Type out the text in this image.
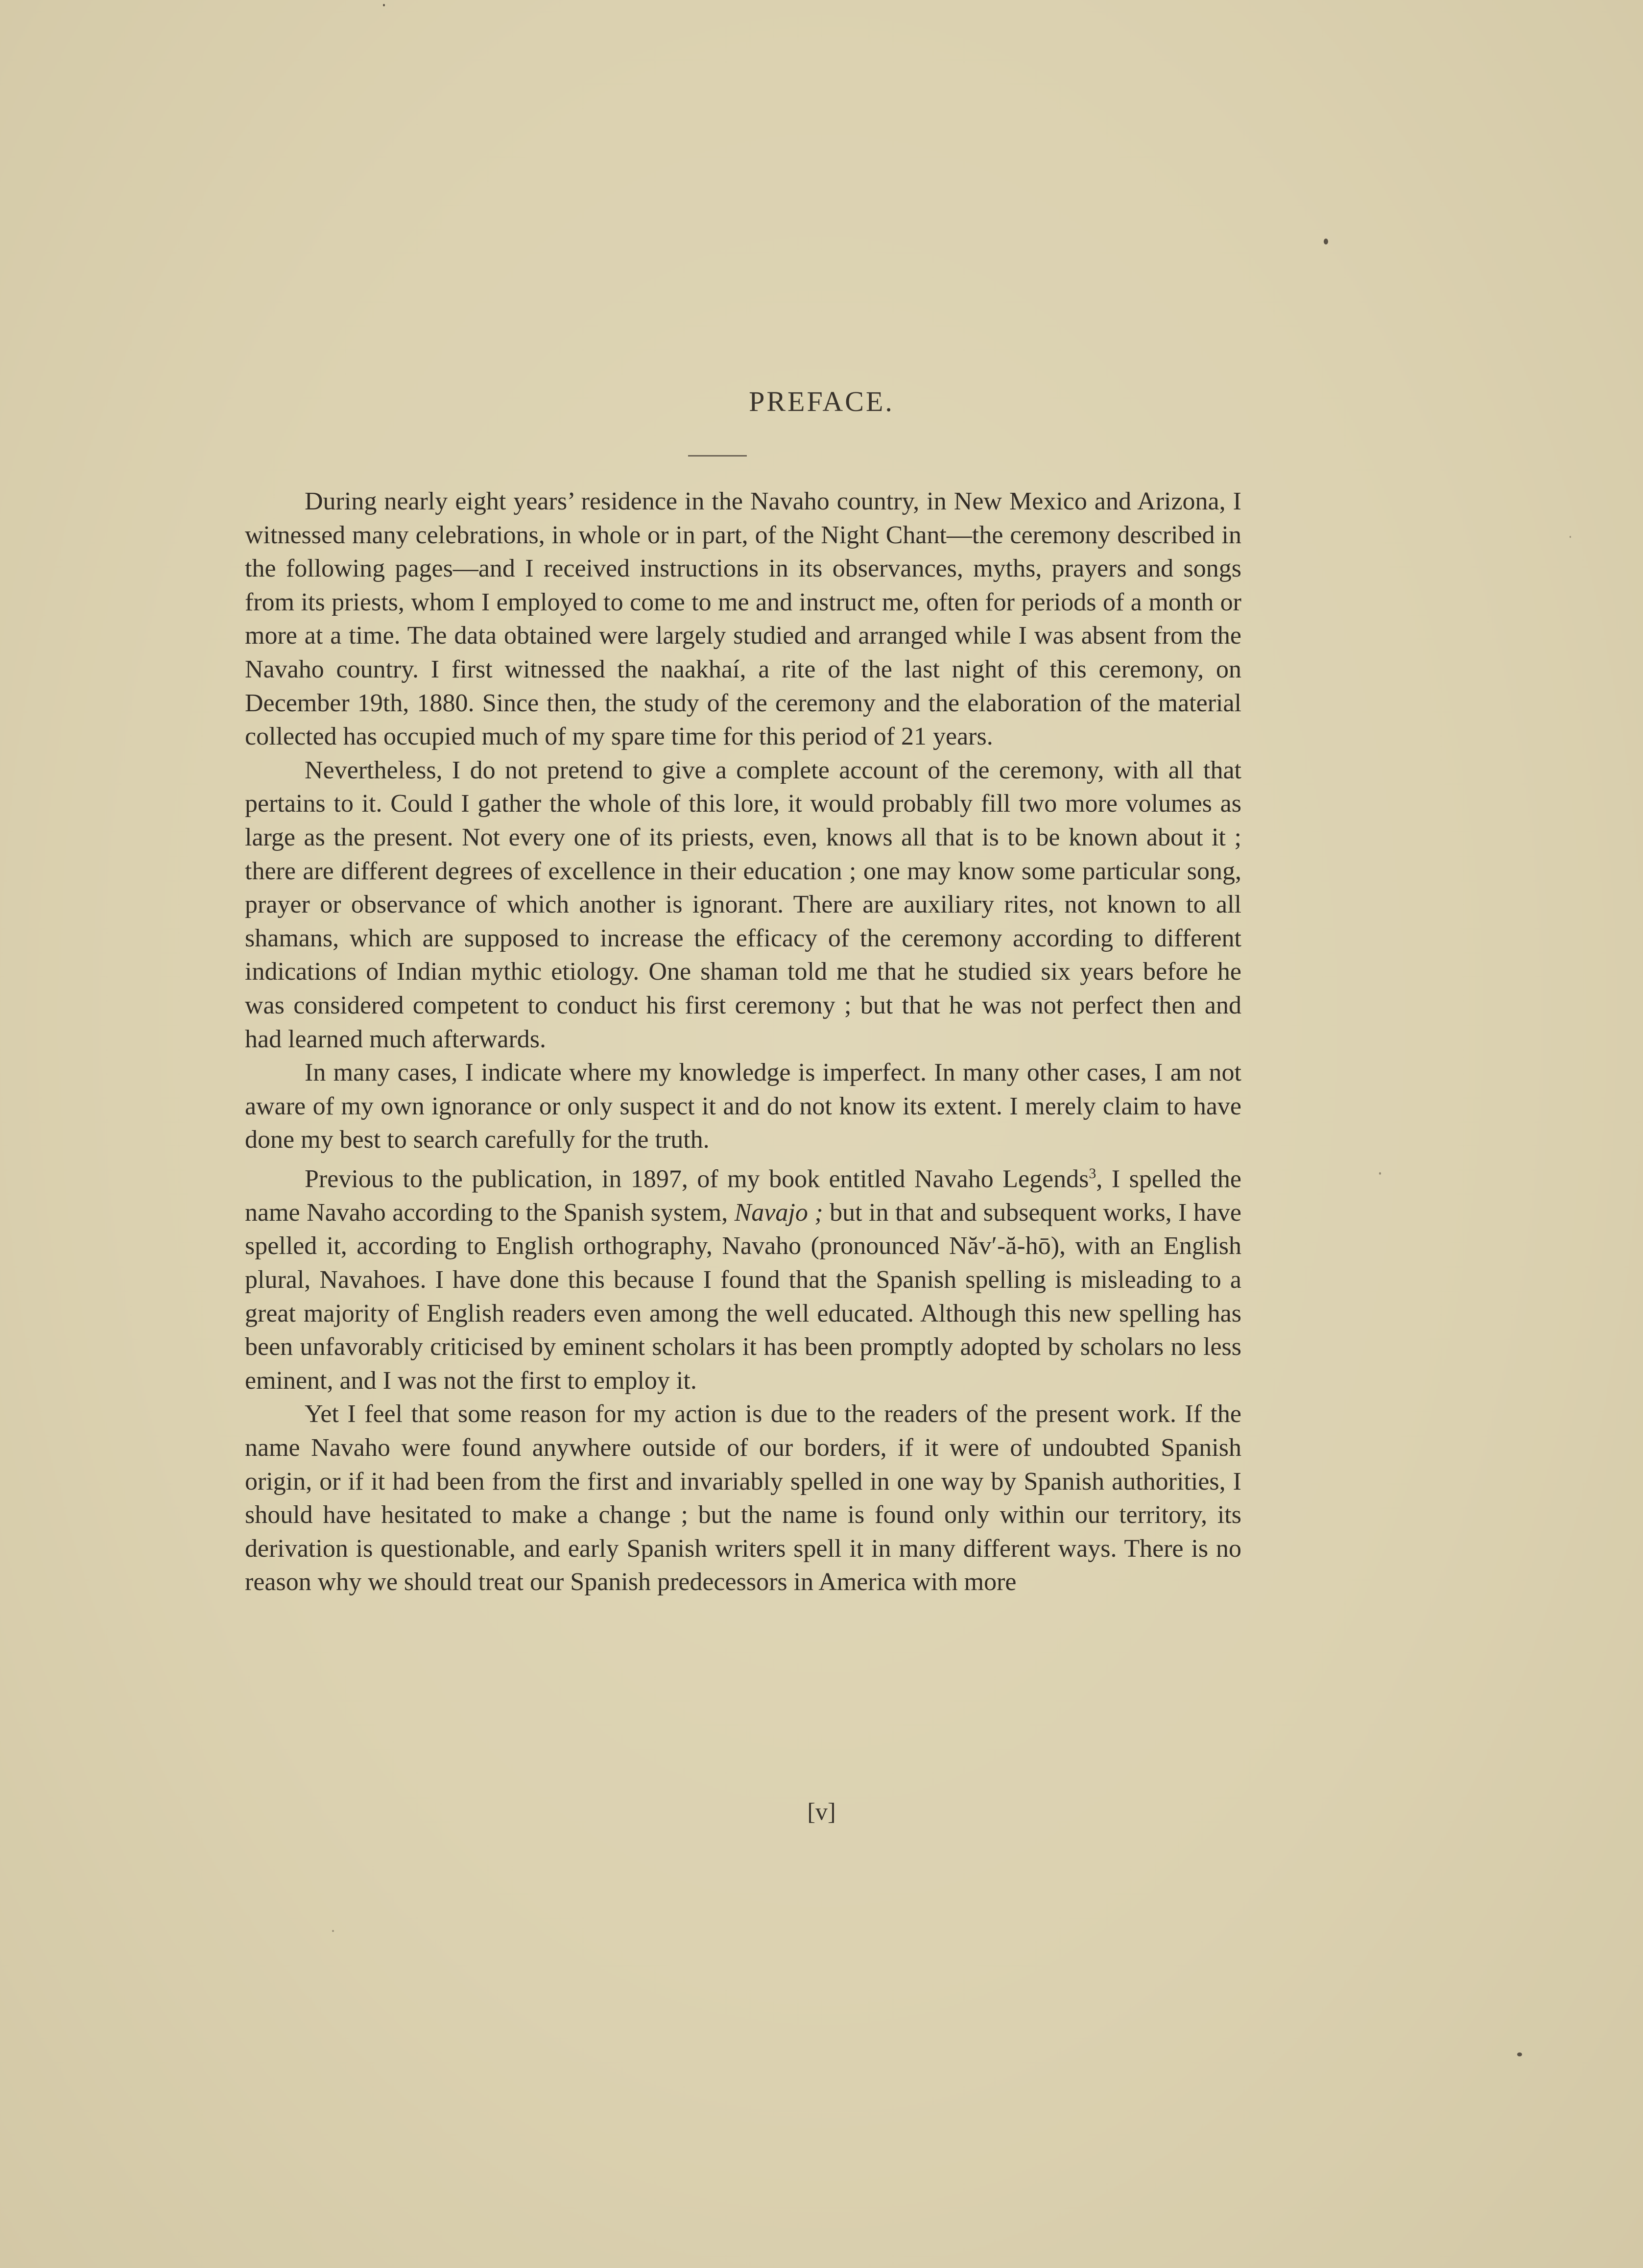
PREFACE.

During nearly eight years’ residence in the Navaho country, in New Mexico and Arizona, I witnessed many celebrations, in whole or in part, of the Night Chant—the ceremony described in the following pages—and I received instructions in its observances, myths, prayers and songs from its priests, whom I employed to come to me and instruct me, often for periods of a month or more at a time. The data obtained were largely studied and arranged while I was absent from the Navaho country. I first witnessed the naakhaí, a rite of the last night of this ceremony, on December 19th, 1880. Since then, the study of the ceremony and the elaboration of the material collected has occupied much of my spare time for this period of 21 years.

Nevertheless, I do not pretend to give a complete account of the ceremony, with all that pertains to it. Could I gather the whole of this lore, it would probably fill two more volumes as large as the present. Not every one of its priests, even, knows all that is to be known about it ; there are different degrees of excellence in their education ; one may know some particular song, prayer or observance of which another is ignorant. There are auxiliary rites, not known to all shamans, which are supposed to increase the efficacy of the ceremony according to different indications of Indian mythic etiology. One shaman told me that he studied six years before he was considered competent to conduct his first ceremony ; but that he was not perfect then and had learned much afterwards.

In many cases, I indicate where my knowledge is imperfect. In many other cases, I am not aware of my own ignorance or only suspect it and do not know its extent. I merely claim to have done my best to search carefully for the truth.

Previous to the publication, in 1897, of my book entitled Navaho Legends$^3$, I spelled the name Navaho according to the Spanish system, Navajo ; but in that and subsequent works, I have spelled it, according to English orthography, Navaho (pronounced Năv′-ă-hō), with an English plural, Navahoes. I have done this because I found that the Spanish spelling is misleading to a great majority of English readers even among the well educated. Although this new spelling has been unfavorably criticised by eminent scholars it has been promptly adopted by scholars no less eminent, and I was not the first to employ it.

Yet I feel that some reason for my action is due to the readers of the present work. If the name Navaho were found anywhere outside of our borders, if it were of undoubted Spanish origin, or if it had been from the first and invariably spelled in one way by Spanish authorities, I should have hesitated to make a change ; but the name is found only within our territory, its derivation is questionable, and early Spanish writers spell it in many different ways. There is no reason why we should treat our Spanish predecessors in America with more

[v]
